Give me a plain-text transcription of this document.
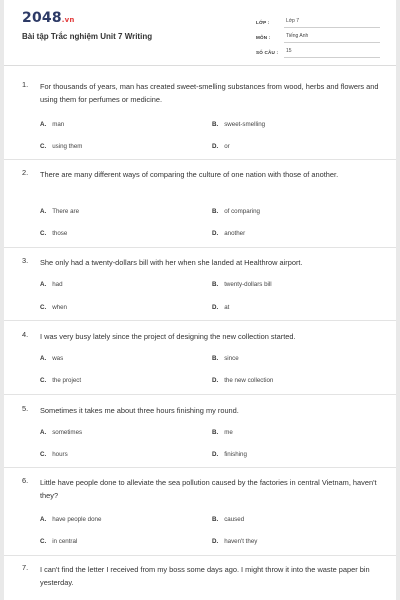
2048.vn
Bài tập Trắc nghiệm Unit 7 Writing
LỚP :	Lớp 7
MÔN :	Tiếng Anh
SỐ CÂU :	15
1. For thousands of years, man has created sweet-smelling substances from wood, herbs and flowers and using them for perfumes or medicine.
A. man	B. sweet-smelling
C. using them	D. or
2. There are many different ways of comparing the culture of one nation with those of another.
A. There are	B. of comparing
C. those	D. another
3. She only had a twenty-dollars bill with her when she landed at Healthrow airport.
A. had	B. twenty-dollars bill
C. when	D. at
4. I was very busy lately since the project of designing the new collection started.
A. was	B. since
C. the project	D. the new collection
5. Sometimes it takes me about three hours finishing my round.
A. sometimes	B. me
C. hours	D. finishing
6. Little have people done to alleviate the sea pollution caused by the factories in central Vietnam, haven't they?
A. have people done	B. caused
C. in central	D. haven't they
7. I can't find the letter I received from my boss some days ago. I might throw it into the waste paper bin yesterday.
